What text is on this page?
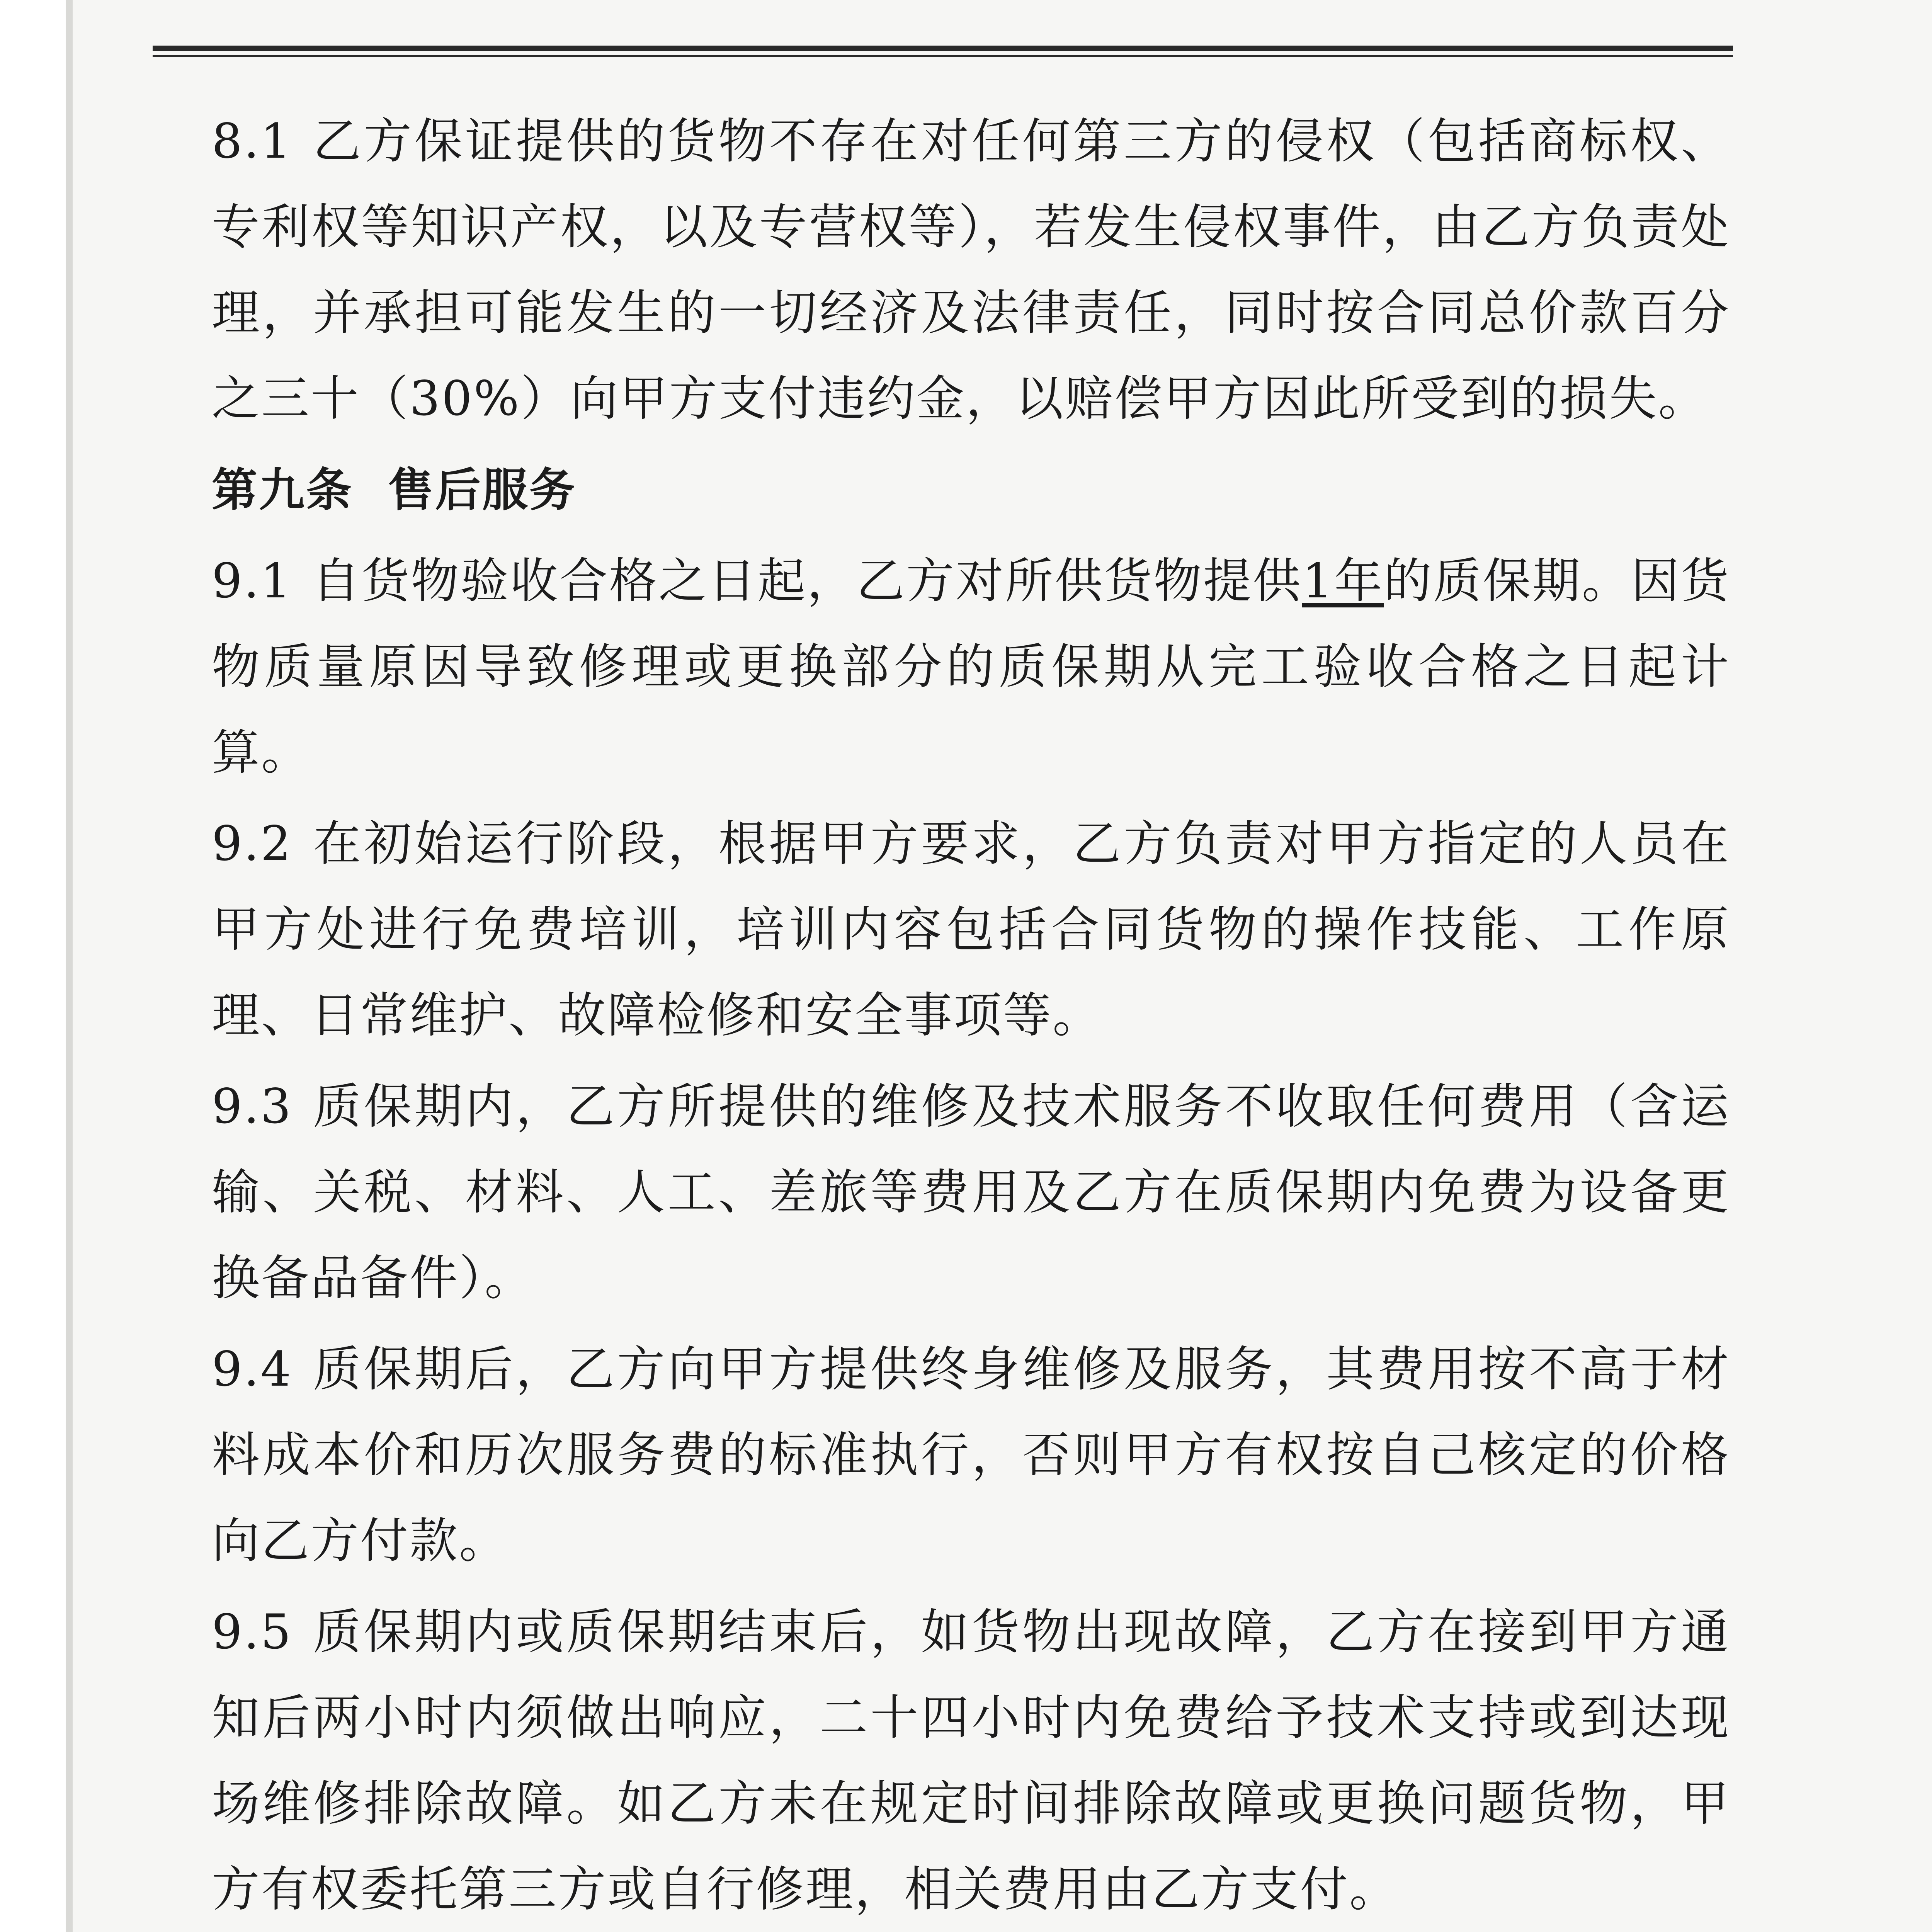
8.1 乙方保证提供的货物不存在对任何第三方的侵权（包括商标权、专利权等知识产权，以及专营权等），若发生侵权事件，由乙方负责处理，并承担可能发生的一切经济及法律责任，同时按合同总价款百分之三十（30%）向甲方支付违约金，以赔偿甲方因此所受到的损失。

第九条 售后服务

9.1 自货物验收合格之日起，乙方对所供货物提供1年的质保期。因货物质量原因导致修理或更换部分的质保期从完工验收合格之日起计算。

9.2 在初始运行阶段，根据甲方要求，乙方负责对甲方指定的人员在甲方处进行免费培训，培训内容包括合同货物的操作技能、工作原理、日常维护、故障检修和安全事项等。

9.3 质保期内，乙方所提供的维修及技术服务不收取任何费用（含运输、关税、材料、人工、差旅等费用及乙方在质保期内免费为设备更换备品备件）。

9.4 质保期后，乙方向甲方提供终身维修及服务，其费用按不高于材料成本价和历次服务费的标准执行，否则甲方有权按自己核定的价格向乙方付款。

9.5 质保期内或质保期结束后，如货物出现故障，乙方在接到甲方通知后两小时内须做出响应，二十四小时内免费给予技术支持或到达现场维修排除故障。如乙方未在规定时间排除故障或更换问题货物，甲方有权委托第三方或自行修理，相关费用由乙方支付。
